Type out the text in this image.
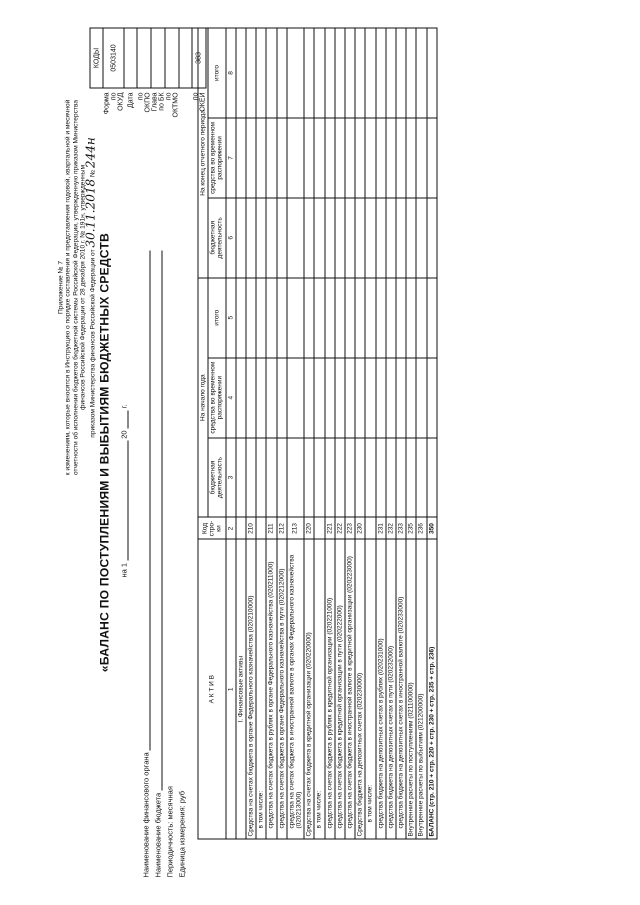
Приложение № 7 к изменениям, которые вносятся в Инструкцию о порядке составления и представления годовой, квартальной и месячной отчетности об исполнении бюджетов бюджетной системы Российской Федерации, утвержденную приказом Министерства финансов Российской Федерации от 28 декабря 2010 г. № 191н, утвержденным приказом Министерства финансов Российской Федерации от 30.11.2018 № 244н
«БАЛАНС ПО ПОСТУПЛЕНИЯМ И ВЫБЫТИЯМ БЮДЖЕТНЫХ СРЕДСТВ на 1  20  г.
Наименование финансового органа Наименование бюджета Периодичность: месячная Единица измерения: руб
	КОДЫ
Форма по ОКУД	0503140
Дата	
по ОКПО	
Глава по БК	
по ОКТМО	

по ОКЕИ	383
А К Т И В	Код стро-ки	На начало года			На конец отчетного периода		
		бюджетная деятельность	средства во временном распоряжении	итого	бюджетная деятельность	средства во временном распоряжении	итого
1	2	3	4	5	6	7	8
I. Финансовые активы							
Средства на счетах бюджета в органе Федерального казначейства (020210000)	210						
в том числе:							
средства на счетах бюджета в рублях в органе Федерального казначейства (020211000)	211						
средства на счетах бюджета в органе Федерального казначейства в пути (020212000)	212						
средства на счетах бюджета в иностранной валюте в органах Федерального казначейства (020213000)	213						
Средства на счетах бюджета в кредитной организации (020220000)	220						
в том числе:							
средства на счетах бюджета в рублях в кредитной организации (020221000)	221						
средства на счетах бюджета в кредитной организации в пути (020222000)	222						
средства на счетах бюджета в иностранной валюте в кредитной организации (020223000)	223						
Средства бюджета на депозитных счетах (020230000)	230						
в том числе:							
средства бюджета на депозитных счетах в рублях (020231000)	231						
средства бюджета на депозитных счетах в пути (020232000)	232						
средства бюджета на депозитных счетах в иностранной валюте (020233000)	233						
Внутренние расчеты по поступлениям (021100000)	235						
Внутренние расчеты по выбытиям (021200000)	236						
БАЛАНС (стр. 210 + стр. 220 + стр. 230 + стр. 235 + стр. 236)	350						
